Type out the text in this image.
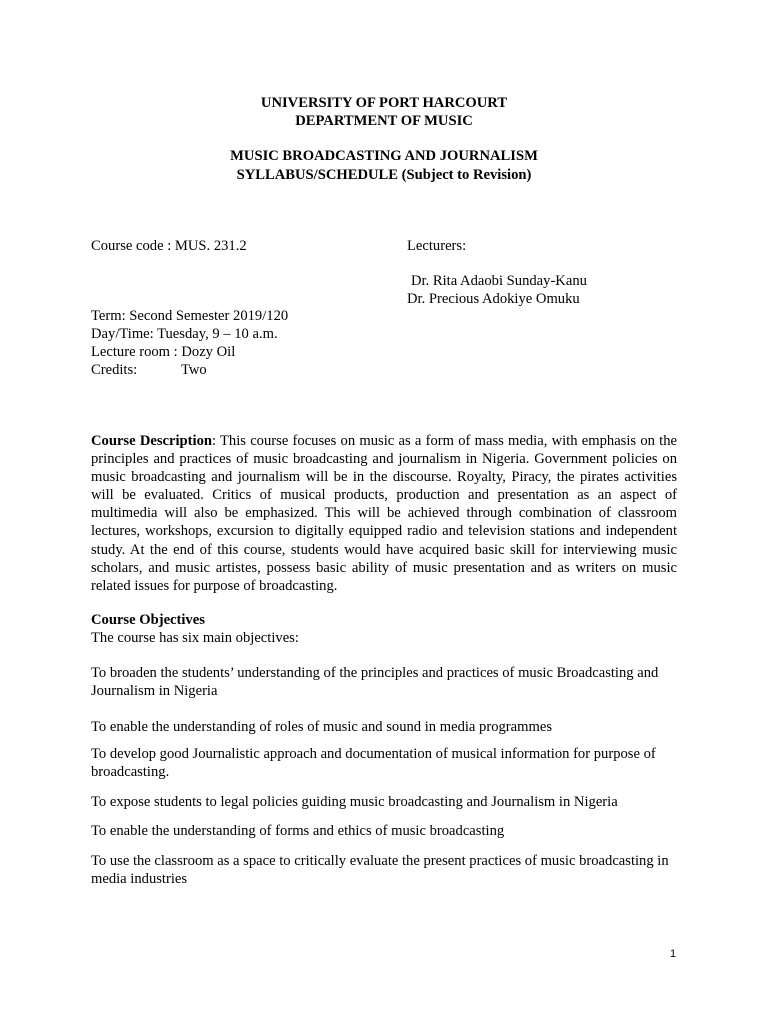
UNIVERSITY OF PORT HARCOURT
DEPARTMENT OF MUSIC
MUSIC BROADCASTING AND JOURNALISM
SYLLABUS/SCHEDULE (Subject to Revision)
Course code : MUS. 231.2	Lecturers:
Dr. Rita Adaobi Sunday-Kanu
Dr. Precious Adokiye Omuku
Term: Second Semester 2019/120
Day/Time: Tuesday, 9 – 10 a.m.
Lecture room : Dozy Oil
Credits:	Two
Course Description: This course focuses on music as a form of mass media, with emphasis on the principles and practices of music broadcasting and journalism in Nigeria. Government policies on music broadcasting and journalism will be in the discourse. Royalty, Piracy, the pirates activities will be evaluated. Critics of musical products, production and presentation as an aspect of multimedia will also be emphasized. This will be achieved through combination of classroom lectures, workshops, excursion to digitally equipped radio and television stations and independent study. At the end of this course, students would have acquired basic skill for interviewing music scholars, and music artistes, possess basic ability of music presentation and as writers on music related issues for purpose of broadcasting.
Course Objectives
The course has six main objectives:
To broaden the students’ understanding of the principles and practices of music Broadcasting and Journalism in Nigeria
To enable the understanding of roles of music and sound in media programmes
To develop good Journalistic approach and documentation of musical information for purpose of broadcasting.
To expose students to legal policies guiding music broadcasting and Journalism in Nigeria
To enable the understanding of forms and ethics of music broadcasting
To use the classroom as a space to critically evaluate the present practices of music broadcasting in media industries
1
